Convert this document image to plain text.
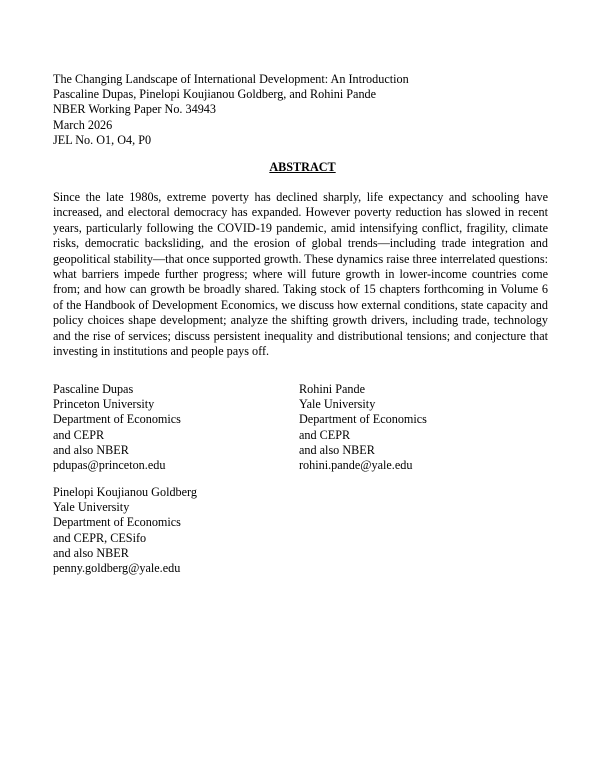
The Changing Landscape of International Development: An Introduction
Pascaline Dupas, Pinelopi Koujianou Goldberg, and Rohini Pande
NBER Working Paper No. 34943
March 2026
JEL No. O1, O4, P0
ABSTRACT
Since the late 1980s, extreme poverty has declined sharply, life expectancy and schooling have increased, and electoral democracy has expanded. However poverty reduction has slowed in recent years, particularly following the COVID-19 pandemic, amid intensifying conflict, fragility, climate risks, democratic backsliding, and the erosion of global trends—including trade integration and geopolitical stability—that once supported growth. These dynamics raise three interrelated questions: what barriers impede further progress; where will future growth in lower-income countries come from; and how can growth be broadly shared. Taking stock of 15 chapters forthcoming in Volume 6 of the Handbook of Development Economics, we discuss how external conditions, state capacity and policy choices shape development; analyze the shifting growth drivers, including trade, technology and the rise of services; discuss persistent inequality and distributional tensions; and conjecture that investing in institutions and people pays off.
Pascaline Dupas
Princeton University
Department of Economics
and CEPR
and also NBER
pdupas@princeton.edu
Rohini Pande
Yale University
Department of Economics
and CEPR
and also NBER
rohini.pande@yale.edu
Pinelopi Koujianou Goldberg
Yale University
Department of Economics
and CEPR, CESifo
and also NBER
penny.goldberg@yale.edu
